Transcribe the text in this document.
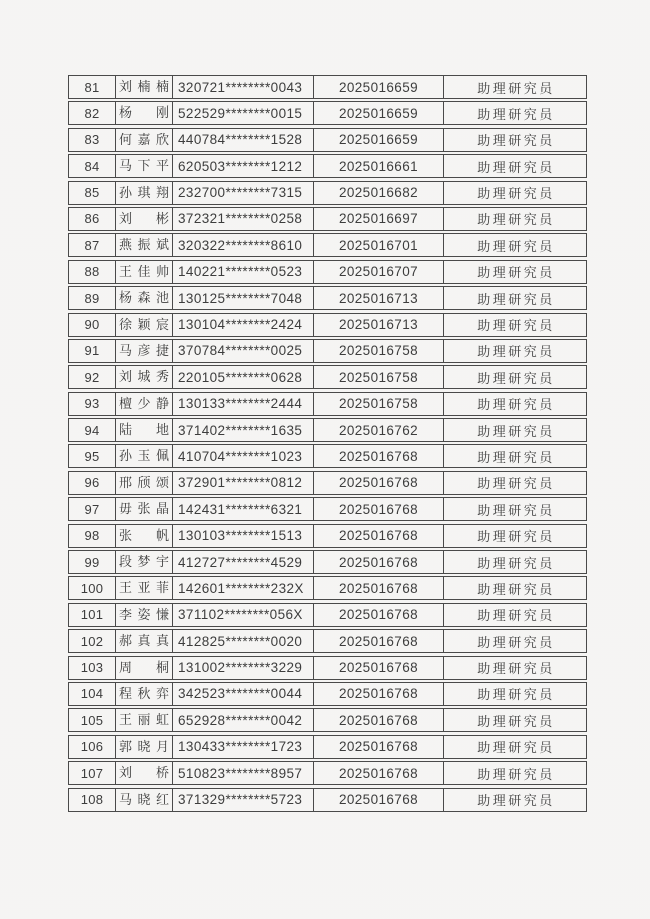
81	刘楠楠 320721********0043	2025016659	助理研究员
82	杨刚 522529********0015	2025016659	助理研究员
83	何嘉欣 440784********1528	2025016659	助理研究员
84	马下平 620503********1212	2025016661	助理研究员
85	孙琪翔 232700********7315	2025016682	助理研究员
86	刘彬 372321********0258	2025016697	助理研究员
87	燕振斌 320322********8610	2025016701	助理研究员
88	王佳帅 140221********0523	2025016707	助理研究员
89	杨森池 130125********7048	2025016713	助理研究员
90	徐颖宸 130104********2424	2025016713	助理研究员
91	马彦捷 370784********0025	2025016758	助理研究员
92	刘城秀 220105********0628	2025016758	助理研究员
93	檀少静 130133********2444	2025016758	助理研究员
94	陆地 371402********1635	2025016762	助理研究员
95	孙玉佩 410704********1023	2025016768	助理研究员
96	邢颀颂 372901********0812	2025016768	助理研究员
97	毋张晶 142431********6321	2025016768	助理研究员
98	张帆 130103********1513	2025016768	助理研究员
99	段梦宇 412727********4529	2025016768	助理研究员
100	王亚菲 142601********232X	2025016768	助理研究员
101	李姿慊 371102********056X	2025016768	助理研究员
102	郝真真 412825********0020	2025016768	助理研究员
103	周桐 131002********3229	2025016768	助理研究员
104	程秋弈 342523********0044	2025016768	助理研究员
105	王丽虹 652928********0042	2025016768	助理研究员
106	郭晓月 130433********1723	2025016768	助理研究员
107	刘桥 510823********8957	2025016768	助理研究员
108	马晓红 371329********5723	2025016768	助理研究员
